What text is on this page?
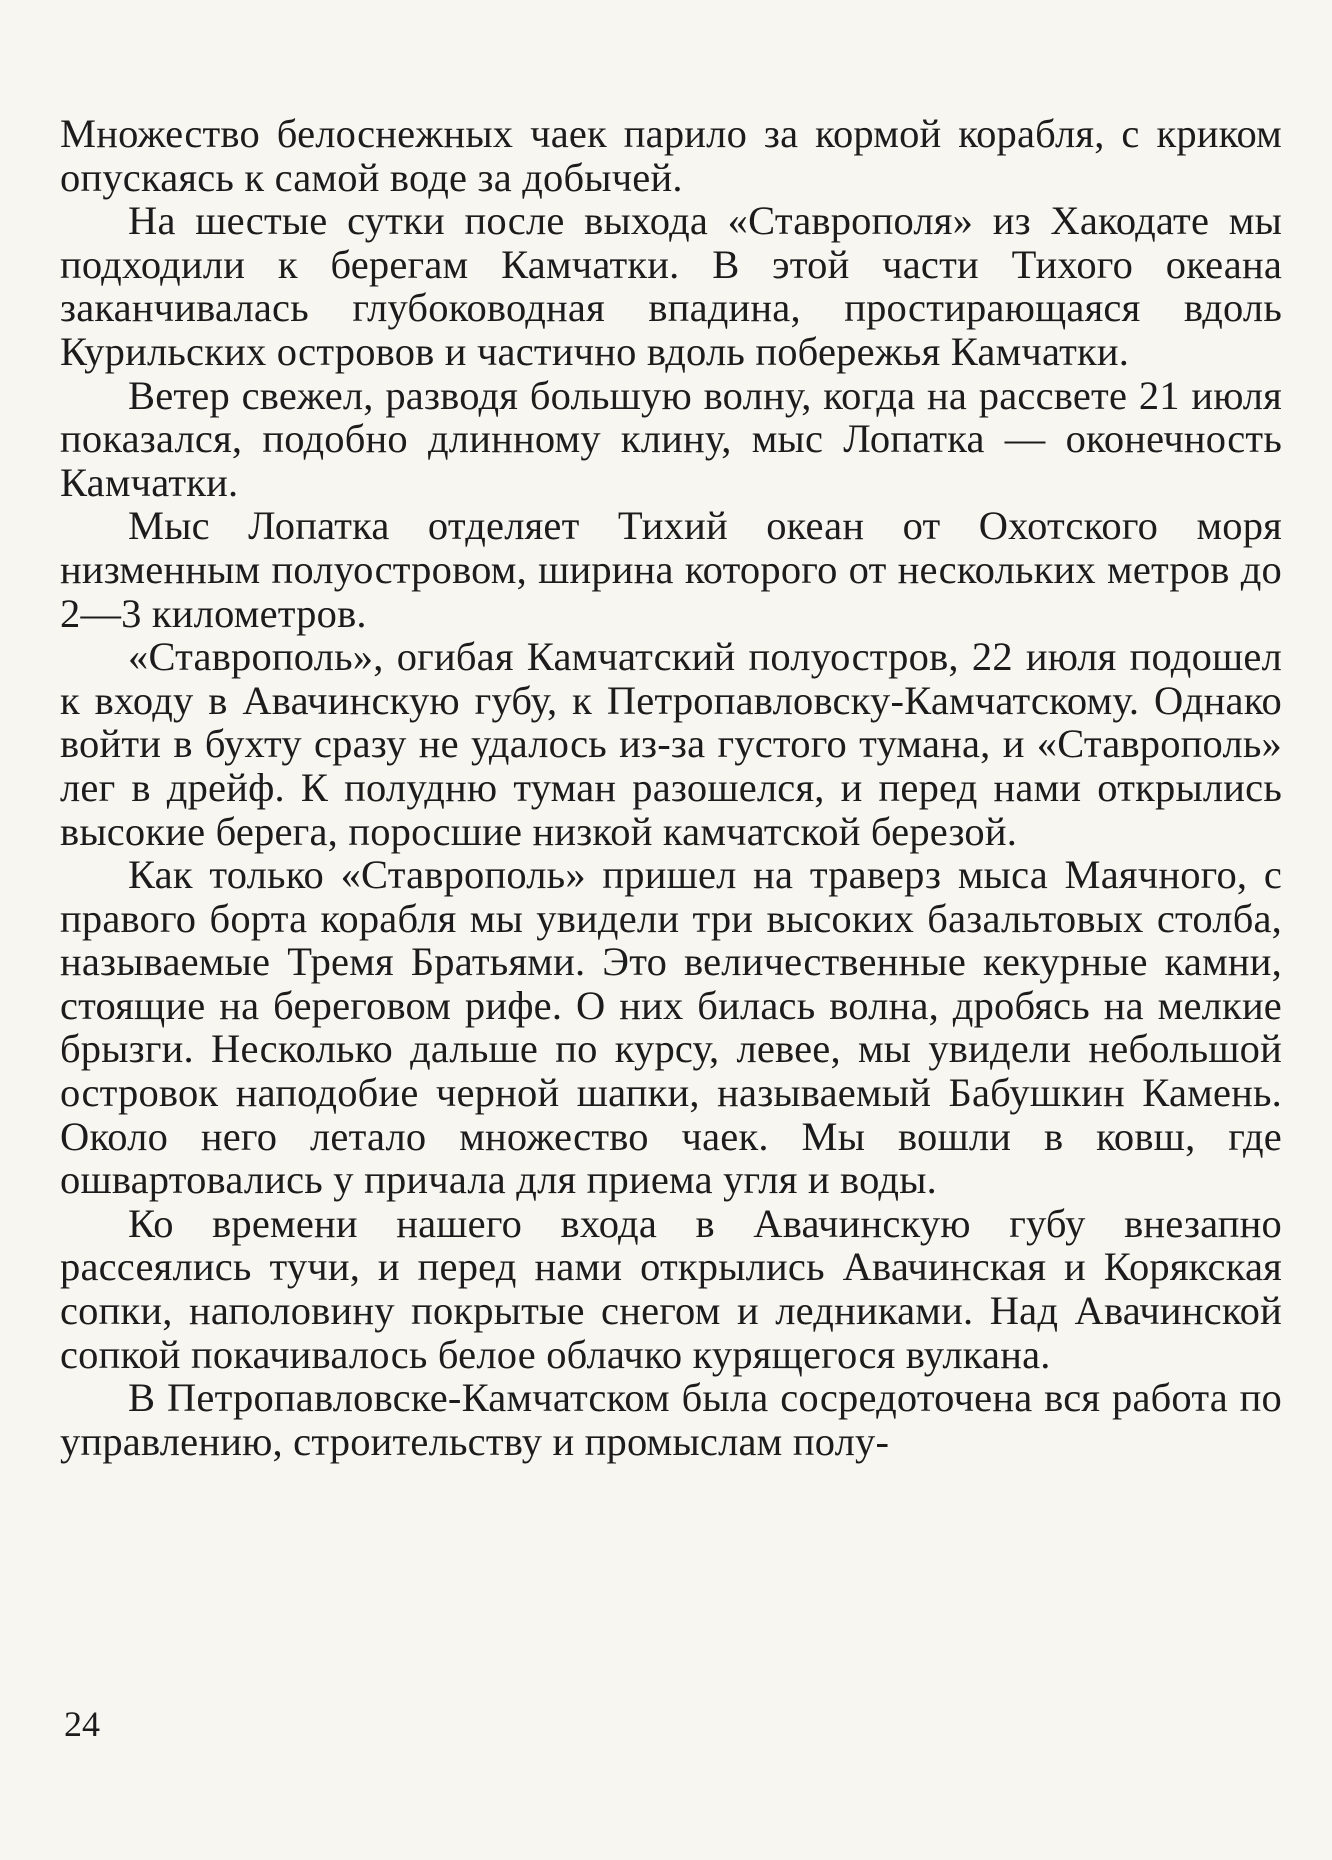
Множество белоснежных чаек парило за кормой корабля, с криком опускаясь к самой воде за добычей.

На шестые сутки после выхода «Ставрополя» из Хакодате мы подходили к берегам Камчатки. В этой части Тихого океана заканчивалась глубоководная впадина, простирающаяся вдоль Курильских островов и частично вдоль побережья Камчатки.

Ветер свежел, разводя большую волну, когда на рассвете 21 июля показался, подобно длинному клину, мыс Лопатка — оконечность Камчатки.

Мыс Лопатка отделяет Тихий океан от Охотского моря низменным полуостровом, ширина которого от нескольких метров до 2—3 километров.

«Ставрополь», огибая Камчатский полуостров, 22 июля подошел к входу в Авачинскую губу, к Петропавловску-Камчатскому. Однако войти в бухту сразу не удалось из-за густого тумана, и «Ставрополь» лег в дрейф. К полудню туман разошелся, и перед нами открылись высокие берега, поросшие низкой камчатской березой.

Как только «Ставрополь» пришел на траверз мыса Маячного, с правого борта корабля мы увидели три высоких базальтовых столба, называемые Тремя Братьями. Это величественные кекурные камни, стоящие на береговом рифе. О них билась волна, дробясь на мелкие брызги. Несколько дальше по курсу, левее, мы увидели небольшой островок наподобие черной шапки, называемый Бабушкин Камень. Около него летало множество чаек. Мы вошли в ковш, где ошвартовались у причала для приема угля и воды.

Ко времени нашего входа в Авачинскую губу внезапно рассеялись тучи, и перед нами открылись Авачинская и Корякская сопки, наполовину покрытые снегом и ледниками. Над Авачинской сопкой покачивалось белое облачко курящегося вулкана.

В Петропавловске-Камчатском была сосредоточена вся работа по управлению, строительству и промыслам полу-

24
